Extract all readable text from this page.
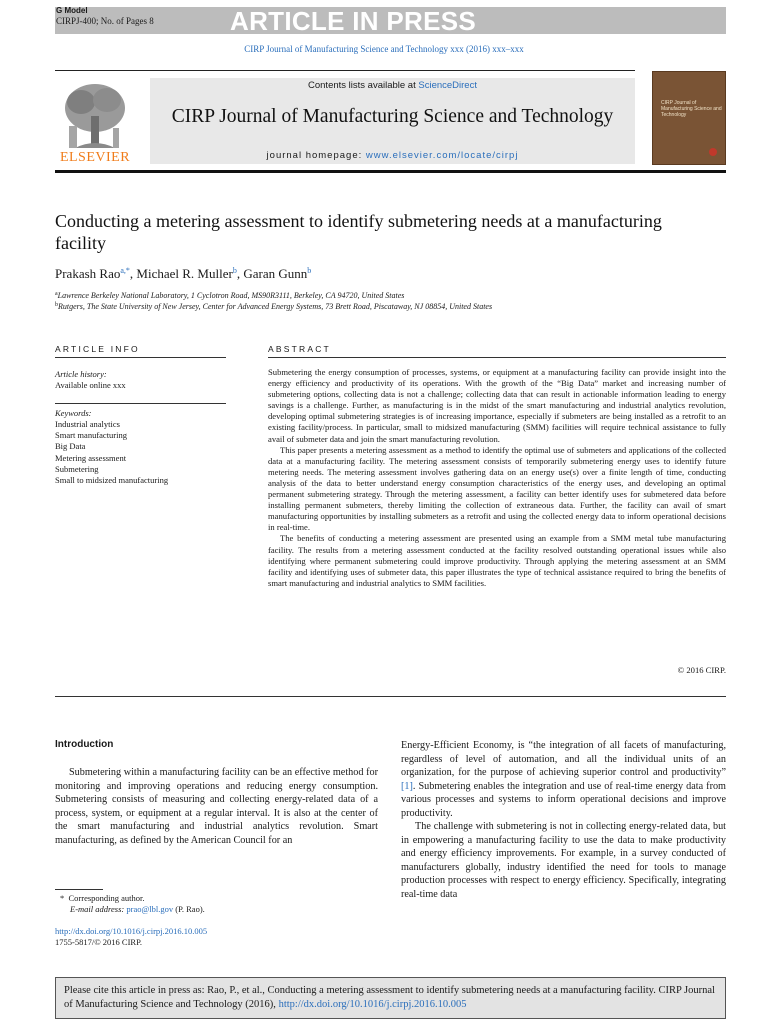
G Model
CIRPJ-400; No. of Pages 8	ARTICLE IN PRESS
CIRP Journal of Manufacturing Science and Technology xxx (2016) xxx–xxx
ELSEVIER
Contents lists available at ScienceDirect
CIRP Journal of Manufacturing Science and Technology
journal homepage: www.elsevier.com/locate/cirpj
CIRP Journal of Manufacturing Science and Technology
Conducting a metering assessment to identify submetering needs at a manufacturing facility
Prakash Rao$^{a,*}$, Michael R. Muller$^b$, Garan Gunn$^b$
$^a$Lawrence Berkeley National Laboratory, 1 Cyclotron Road, MS90R3111, Berkeley, CA 94720, United States
$^b$Rutgers, The State University of New Jersey, Center for Advanced Energy Systems, 73 Brett Road, Piscataway, NJ 08854, United States
ARTICLE INFO	ABSTRACT
Article history:
Available online xxx
Keywords:
Industrial analytics
Smart manufacturing
Big Data
Metering assessment
Submetering
Small to midsized manufacturing

Submetering the energy consumption of processes, systems, or equipment at a manufacturing facility can provide insight into the energy efficiency and productivity of its operations. With the growth of the “Big Data” market and increasing number of submetering options, collecting data is not a challenge; collecting data that can result in actionable information leading to energy savings is a challenge. Further, as manufacturing is in the midst of the smart manufacturing and industrial analytics revolution, developing optimal submetering strategies is of increasing importance, especially if submeters are being installed as a retrofit to an existing facility/process. In particular, small to midsized manufacturing (SMM) facilities will require technical assistance to fully avail of submeter data and join the smart manufacturing revolution.

This paper presents a metering assessment as a method to identify the optimal use of submeters and applications of the collected data at a manufacturing facility. The metering assessment consists of temporarily submetering energy uses to identify future metering needs. The metering assessment involves gathering data on an energy use(s) over a finite length of time, conducting analysis of the data to better understand energy consumption characteristics of the energy uses, and developing an optimal permanent submetering strategy. Through the metering assessment, a facility can better identify uses for submetered data before installing permanent submeters, thereby limiting the collection of extraneous data. Further, the facility can avail of smart manufacturing opportunities by installing submeters as a retrofit and using the collected energy data to inform operational decisions in real-time.

The benefits of conducting a metering assessment are presented using an example from a SMM metal tube manufacturing facility. The results from a metering assessment conducted at the facility resolved outstanding operational issues while also identifying where permanent submetering could improve productivity. Through applying the metering assessment at an SMM facility and identifying uses of submeter data, this paper illustrates the type of technical assistance required to bring the benefits of smart manufacturing and industrial analytics to SMM facilities.

© 2016 CIRP.
Introduction
Submetering within a manufacturing facility can be an effective method for monitoring and improving operations and reducing energy consumption. Submetering consists of measuring and collecting energy-related data of a process, system, or equipment at a regular interval. It is also at the center of the smart manufacturing and industrial analytics revolution. Smart manufacturing, as defined by the American Council for an

Energy-Efficient Economy, is “the integration of all facets of manufacturing, regardless of level of automation, and all the individual units of an organization, for the purpose of achieving superior control and productivity” [1]. Submetering enables the integration and use of real-time energy data from various processes and systems to inform operational decisions and improve productivity.

The challenge with submetering is not in collecting energy-related data, but in empowering a manufacturing facility to use the data to make productivity and energy efficiency improvements. For example, in a survey conducted of manufacturers globally, industry identified the need for tools to manage production processes with respect to energy efficiency. Specifically, integrating real-time data

* Corresponding author.
E-mail address: prao@lbl.gov (P. Rao).
http://dx.doi.org/10.1016/j.cirpj.2016.10.005
1755-5817/© 2016 CIRP.
Please cite this article in press as: Rao, P., et al., Conducting a metering assessment to identify submetering needs at a manufacturing facility. CIRP Journal of Manufacturing Science and Technology (2016), http://dx.doi.org/10.1016/j.cirpj.2016.10.005
